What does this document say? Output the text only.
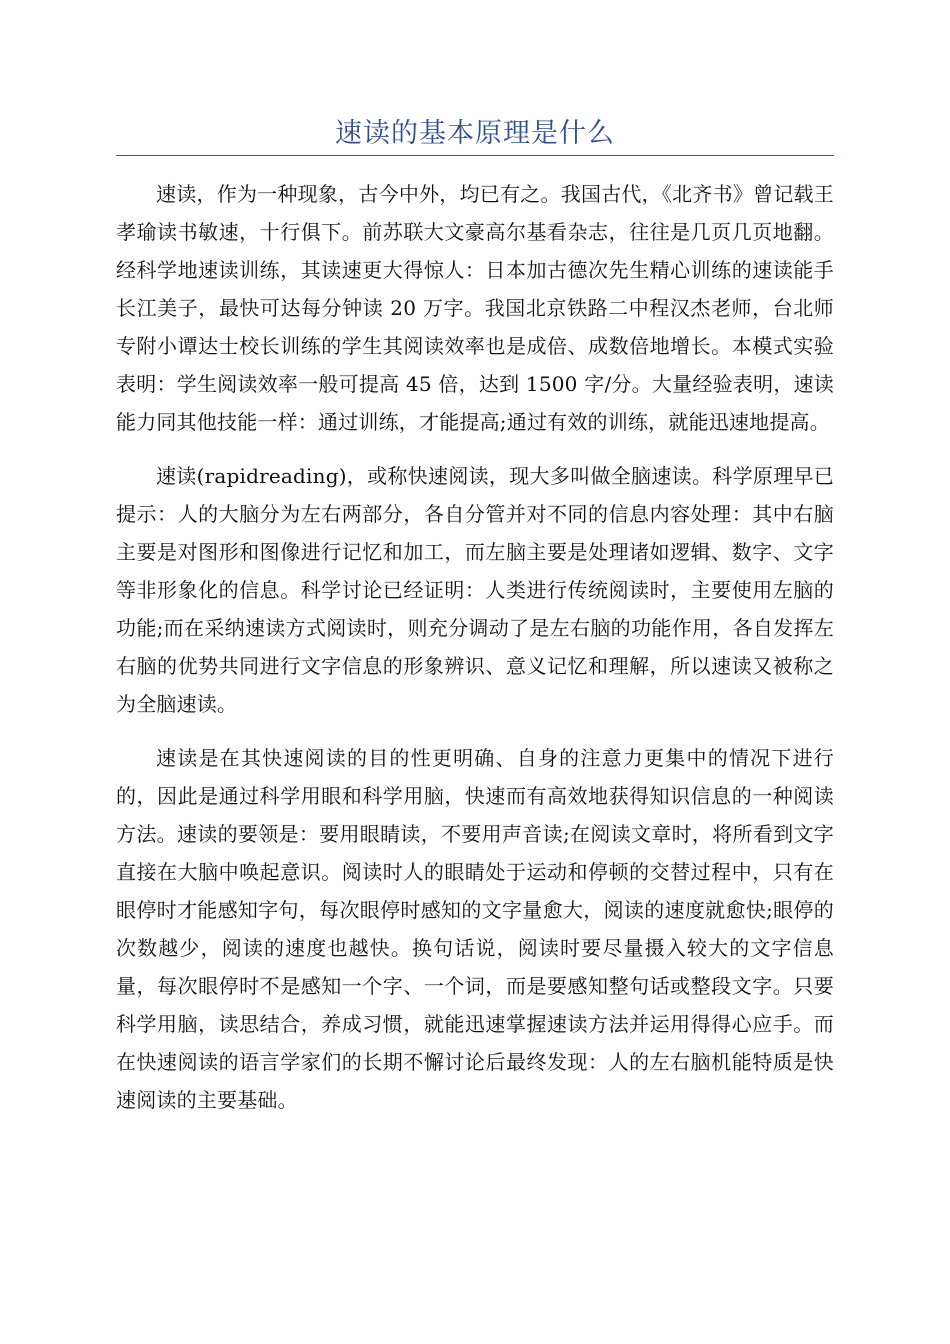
速读的基本原理是什么

速读，作为一种现象，古今中外，均已有之。我国古代，《北齐书》曾记载王孝瑜读书敏速，十行俱下。前苏联大文豪高尔基看杂志，往往是几页几页地翻。经科学地速读训练，其读速更大得惊人：日本加古德次先生精心训练的速读能手长江美子，最快可达每分钟读 20 万字。我国北京铁路二中程汉杰老师，台北师专附小谭达士校长训练的学生其阅读效率也是成倍、成数倍地增长。本模式实验表明：学生阅读效率一般可提高 45 倍，达到 1500 字/分。大量经验表明，速读能力同其他技能一样：通过训练，才能提高;通过有效的训练，就能迅速地提高。

速读(rapidreading)，或称快速阅读，现大多叫做全脑速读。科学原理早已提示：人的大脑分为左右两部分，各自分管并对不同的信息内容处理：其中右脑主要是对图形和图像进行记忆和加工，而左脑主要是处理诸如逻辑、数字、文字等非形象化的信息。科学讨论已经证明：人类进行传统阅读时，主要使用左脑的功能;而在采纳速读方式阅读时，则充分调动了是左右脑的功能作用，各自发挥左右脑的优势共同进行文字信息的形象辨识、意义记忆和理解，所以速读又被称之为全脑速读。

速读是在其快速阅读的目的性更明确、自身的注意力更集中的情况下进行的，因此是通过科学用眼和科学用脑，快速而有高效地获得知识信息的一种阅读方法。速读的要领是：要用眼睛读，不要用声音读;在阅读文章时，将所看到文字直接在大脑中唤起意识。阅读时人的眼睛处于运动和停顿的交替过程中，只有在眼停时才能感知字句，每次眼停时感知的文字量愈大，阅读的速度就愈快;眼停的次数越少，阅读的速度也越快。换句话说，阅读时要尽量摄入较大的文字信息量，每次眼停时不是感知一个字、一个词，而是要感知整句话或整段文字。只要科学用脑，读思结合，养成习惯，就能迅速掌握速读方法并运用得得心应手。而在快速阅读的语言学家们的长期不懈讨论后最终发现：人的左右脑机能特质是快速阅读的主要基础。
